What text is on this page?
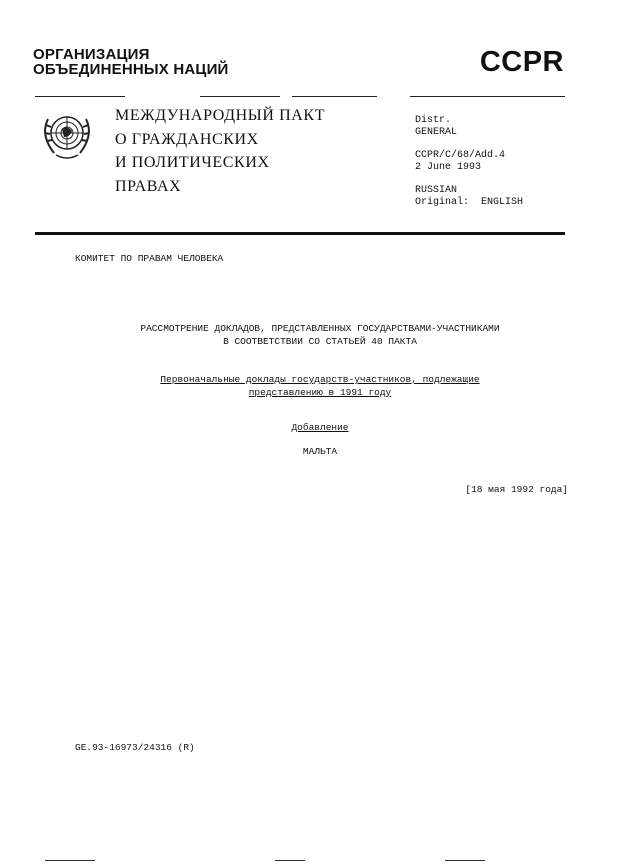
ОРГАНИЗАЦИЯ
ОБЪЕДИНЕННЫХ НАЦИЙ	CCPR
МЕЖДУНАРОДНЫЙ ПАКТ
О ГРАЖДАНСКИХ
И ПОЛИТИЧЕСКИХ
ПРАВАХ
Distr.
GENERAL
CCPR/C/68/Add.4
2 June 1993
RUSSIAN
Original:  ENGLISH
КОМИТЕТ ПО ПРАВАМ ЧЕЛОВЕКА
РАССМОТРЕНИЕ ДОКЛАДОВ, ПРЕДСТАВЛЕННЫХ ГОСУДАРСТВАМИ-УЧАСТНИКАМИ
В СООТВЕТСТВИИ СО СТАТЬЕЙ 40 ПАКТА
Первоначальные доклады государств-участников, подлежащие
представлению в 1991 году
Добавление
МАЛЬТА
[18 мая 1992 года]
GE.93-16973/24316 (R)
